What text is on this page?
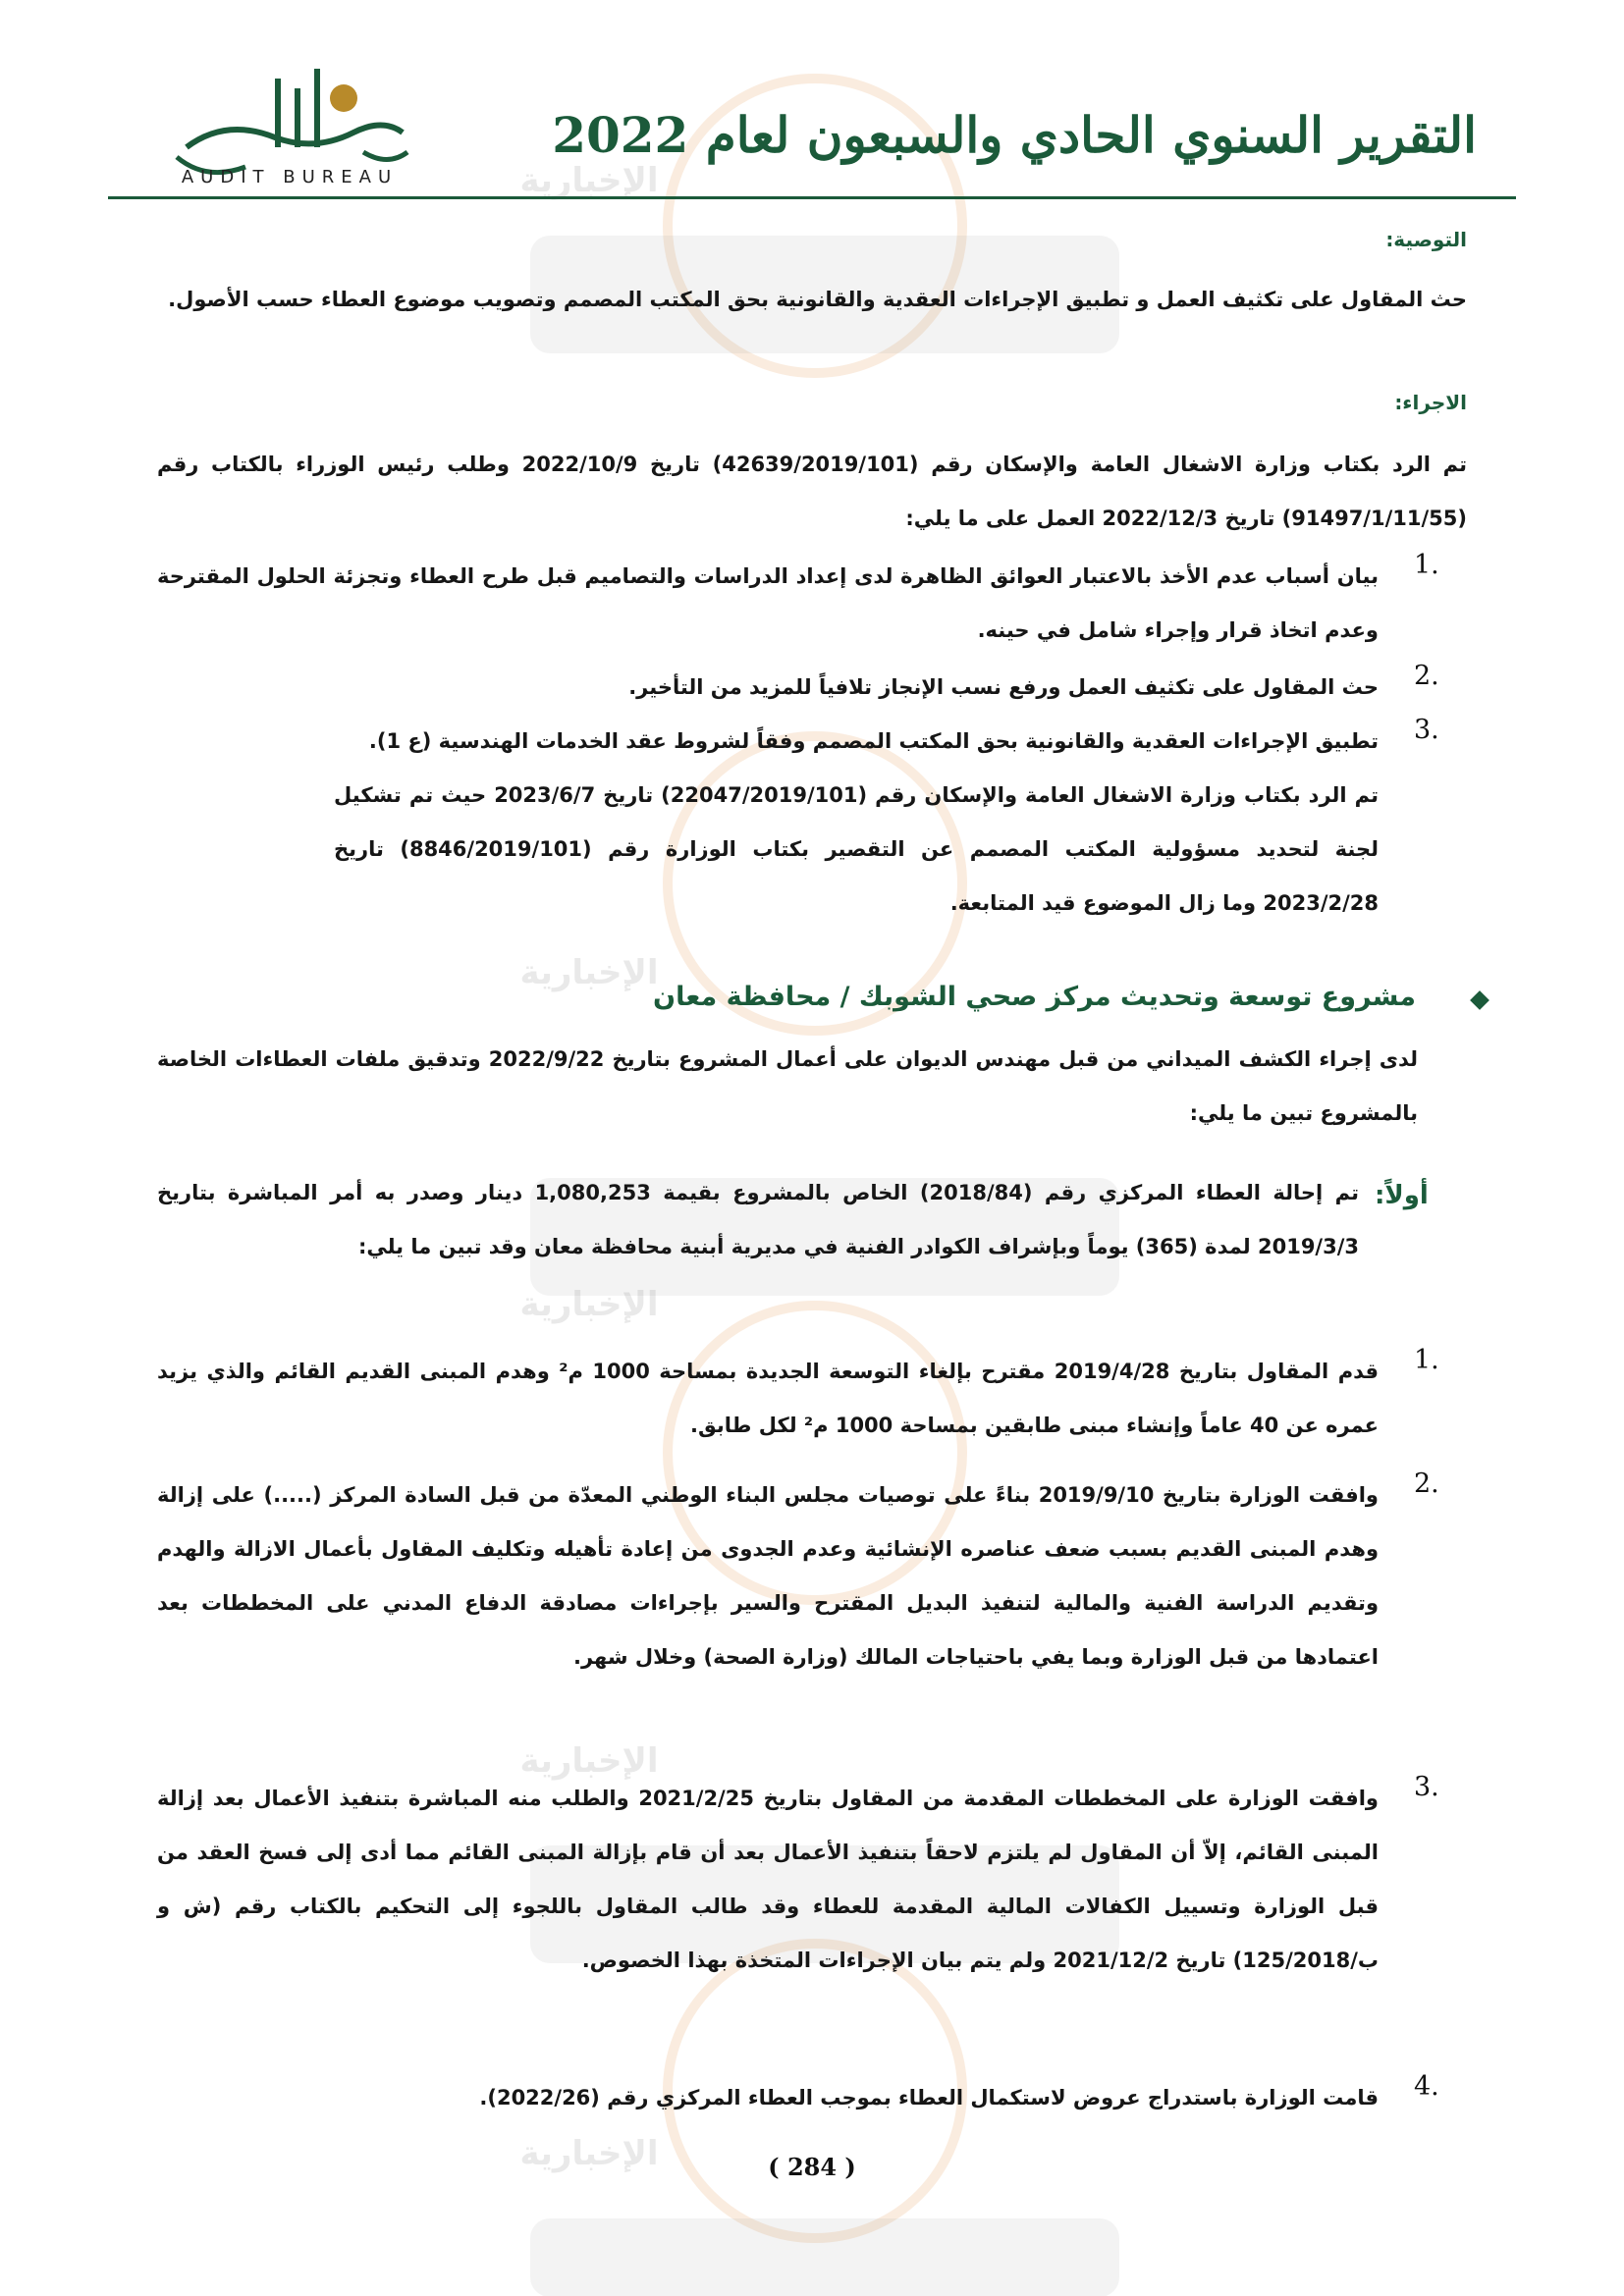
الإخبارية
الإخبارية
الإخبارية
الإخبارية
الإخبارية
التقرير السنوي الحادي والسبعون لعام 2022
AUDIT BUREAU
التوصية:
حث المقاول على تكثيف العمل و تطبيق الإجراءات العقدية والقانونية بحق المكتب المصمم وتصويب موضوع العطاء حسب الأصول.
الاجراء:
تم الرد بكتاب وزارة الاشغال العامة والإسكان رقم (42639/2019/101) تاريخ 2022/10/9 وطلب رئيس الوزراء بالكتاب رقم (91497/1/11/55) تاريخ 2022/12/3 العمل على ما يلي:
1.
بيان أسباب عدم الأخذ بالاعتبار العوائق الظاهرة لدى إعداد الدراسات والتصاميم قبل طرح العطاء وتجزئة الحلول المقترحة وعدم اتخاذ قرار وإجراء شامل في حينه.
2.
حث المقاول على تكثيف العمل ورفع نسب الإنجاز تلافياً للمزيد من التأخير.
3.
تطبيق الإجراءات العقدية والقانونية بحق المكتب المصمم وفقاً لشروط عقد الخدمات الهندسية (ع 1).
تم الرد بكتاب وزارة الاشغال العامة والإسكان رقم (22047/2019/101) تاريخ 2023/6/7 حيث تم تشكيل لجنة لتحديد مسؤولية المكتب المصمم عن التقصير بكتاب الوزارة رقم (8846/2019/101) تاريخ 2023/2/28 وما زال الموضوع قيد المتابعة.
مشروع توسعة وتحديث مركز صحي الشوبك / محافظة معان
لدى إجراء الكشف الميداني من قبل مهندس الديوان على أعمال المشروع بتاريخ 2022/9/22 وتدقيق ملفات العطاءات الخاصة بالمشروع تبين ما يلي:
أولاً:
تم إحالة العطاء المركزي رقم (2018/84) الخاص بالمشروع بقيمة 1,080,253 دينار وصدر به أمر المباشرة بتاريخ 2019/3/3 لمدة (365) يوماً وبإشراف الكوادر الفنية في مديرية أبنية محافظة معان وقد تبين ما يلي:
1.
قدم المقاول بتاريخ 2019/4/28 مقترح بإلغاء التوسعة الجديدة بمساحة 1000 م² وهدم المبنى القديم القائم والذي يزيد عمره عن 40 عاماً وإنشاء مبنى طابقين بمساحة 1000 م² لكل طابق.
2.
وافقت الوزارة بتاريخ 2019/9/10 بناءً على توصيات مجلس البناء الوطني المعدّة من قبل السادة المركز (.....) على إزالة وهدم المبنى القديم بسبب ضعف عناصره الإنشائية وعدم الجدوى من إعادة تأهيله وتكليف المقاول بأعمال الازالة والهدم وتقديم الدراسة الفنية والمالية لتنفيذ البديل المقترح والسير بإجراءات مصادقة الدفاع المدني على المخططات بعد اعتمادها من قبل الوزارة وبما يفي باحتياجات المالك (وزارة الصحة) وخلال شهر.
3.
وافقت الوزارة على المخططات المقدمة من المقاول بتاريخ 2021/2/25 والطلب منه المباشرة بتنفيذ الأعمال بعد إزالة المبنى القائم، إلاّ أن المقاول لم يلتزم لاحقاً بتنفيذ الأعمال بعد أن قام بإزالة المبنى القائم مما أدى إلى فسخ العقد من قبل الوزارة وتسييل الكفالات المالية المقدمة للعطاء وقد طالب المقاول باللجوء إلى التحكيم بالكتاب رقم (ش و ب/125/2018) تاريخ 2021/12/2 ولم يتم بيان الإجراءات المتخذة بهذا الخصوص.
4.
قامت الوزارة باستدراج عروض لاستكمال العطاء بموجب العطاء المركزي رقم (2022/26).
( 284 )
